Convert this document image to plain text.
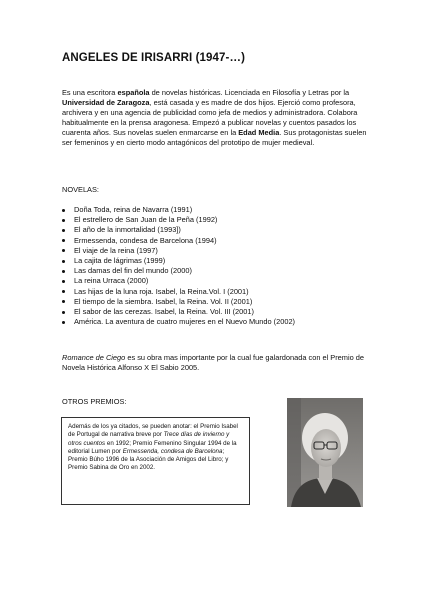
ANGELES DE IRISARRI (1947-…)

Es una escritora española de novelas históricas. Licenciada en Filosofía y Letras por la Universidad de Zaragoza, está casada y es madre de dos hijos. Ejerció como profesora, archivera y en una agencia de publicidad como jefa de medios y administradora. Colabora habitualmente en la prensa aragonesa. Empezó a publicar novelas y cuentos pasados los cuarenta años. Sus novelas suelen enmarcarse en la Edad Media. Sus protagonistas suelen ser femeninos y en cierto modo antagónicos del prototipo de mujer medieval.

NOVELAS:

Doña Toda, reina de Navarra (1991)
El estrellero de San Juan de la Peña (1992)
El año de la inmortalidad (1993])
Ermessenda, condesa de Barcelona (1994)
El viaje de la reina (1997)
La cajita de lágrimas (1999)
Las damas del fin del mundo (2000)
La reina Urraca (2000)
Las hijas de la luna roja. Isabel, la Reina.Vol. I (2001)
El tiempo de la siembra. Isabel, la Reina. Vol. II (2001)
El sabor de las cerezas. Isabel, la Reina. Vol. III (2001)
América. La aventura de cuatro mujeres en el Nuevo Mundo (2002)

Romance de Ciego es su obra mas importante por la cual fue galardonada con el Premio de Novela Histórica Alfonso X El Sabio 2005.

OTROS PREMIOS:

Además de los ya citados, se pueden anotar: el Premio Isabel de Portugal de narrativa breve por Trece días de invierno y otros cuentos en 1992; Premio Femenino Singular 1994 de la editorial Lumen por Ermessenda, condesa de Barcelona; Premio Búho 1996 de la Asociación de Amigos del Libro; y Premio Sabina de Oro en 2002.
